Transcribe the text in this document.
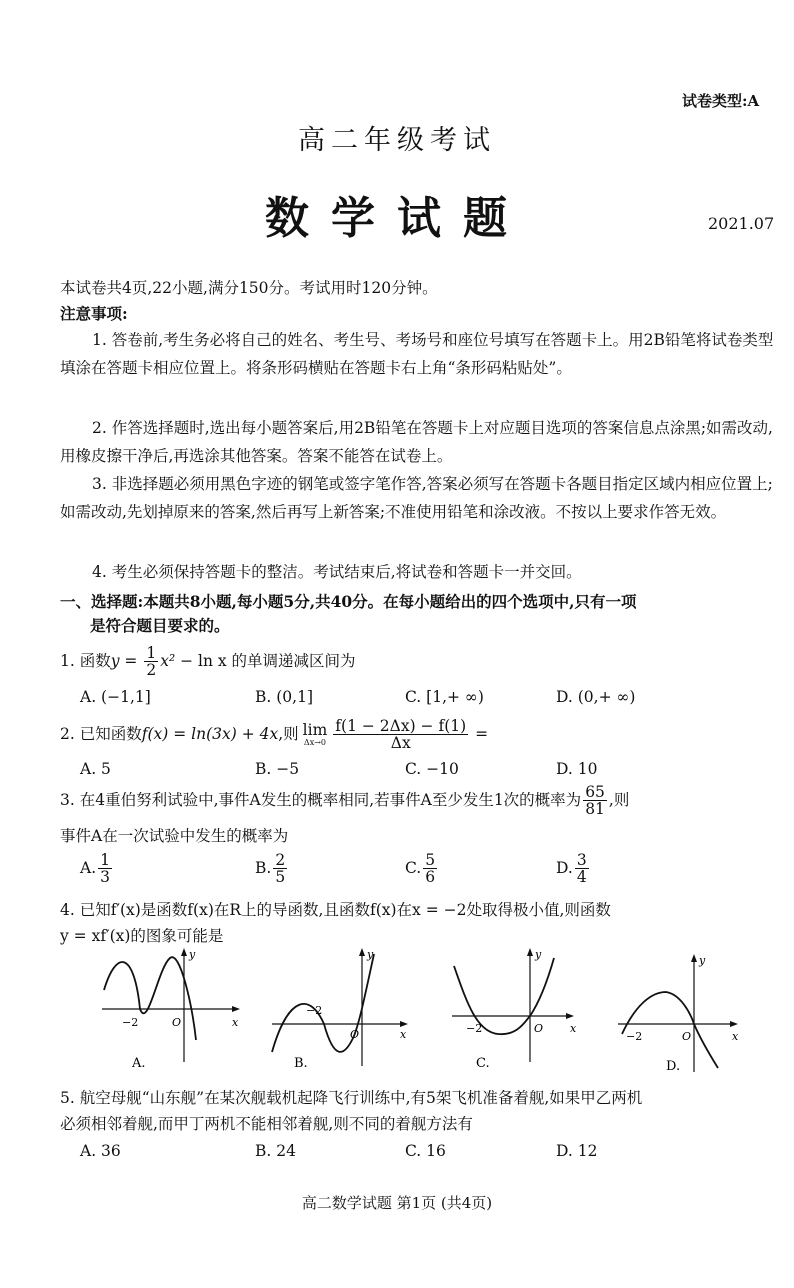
试卷类型:A
高二年级考试
数学试题	2021.07
本试卷共4页,22小题,满分150分。考试用时120分钟。
注意事项:
1. 答卷前,考生务必将自己的姓名、考生号、考场号和座位号填写在答题卡上。用2B铅笔将试卷类型填涂在答题卡相应位置上。将条形码横贴在答题卡右上角“条形码粘贴处”。
2. 作答选择题时,选出每小题答案后,用2B铅笔在答题卡上对应题目选项的答案信息点涂黑;如需改动,用橡皮擦干净后,再选涂其他答案。答案不能答在试卷上。
3. 非选择题必须用黑色字迹的钢笔或签字笔作答,答案必须写在答题卡各题目指定区域内相应位置上;如需改动,先划掉原来的答案,然后再写上新答案;不准使用铅笔和涂改液。不按以上要求作答无效。
4. 考生必须保持答题卡的整洁。考试结束后,将试卷和答题卡一并交回。
一、选择题:本题共8小题,每小题5分,共40分。在每小题给出的四个选项中,只有一项
是符合题目要求的。
1. 函数$y = \frac{1}{2} x^2 - \ln x$ 的单调递减区间为
A. (−1,1]	B. (0,1]	C. [1,+ ∞)	D. (0,+ ∞)
2. 已知函数f(x) = ln(3x) + 4x,则 lim
$\Delta x\to 0 \frac{f(1 - 2\Delta x) - f(1)}{\Delta x}$ =
A. 5	B. −5	C. −10	D. 10
3. 在4重伯努利试验中,事件A发生的概率相同,若事件A至少发生1次的概率为 $\frac{65}{81}$ ,则
事件A在一次试验中发生的概率为
A. $\frac{1}{3}$	B. $\frac{2}{5}$	C. $\frac{5}{6}$	D. $\frac{3}{4}$
4. 已知f′(x)是函数f(x)在R上的导函数,且函数f(x)在x = −2处取得极小值,则函数
y = xf′(x)的图象可能是
y
x
O
−2
A.
y
x
O
−2
B.
y
x
O
−2
C.
y
x
O
−2
D.
5. 航空母舰“山东舰”在某次舰载机起降飞行训练中,有5架飞机准备着舰,如果甲乙两机
必须相邻着舰,而甲丁两机不能相邻着舰,则不同的着舰方法有
A. 36	B. 24	C. 16	D. 12
高二数学试题 第1页 (共4页)
